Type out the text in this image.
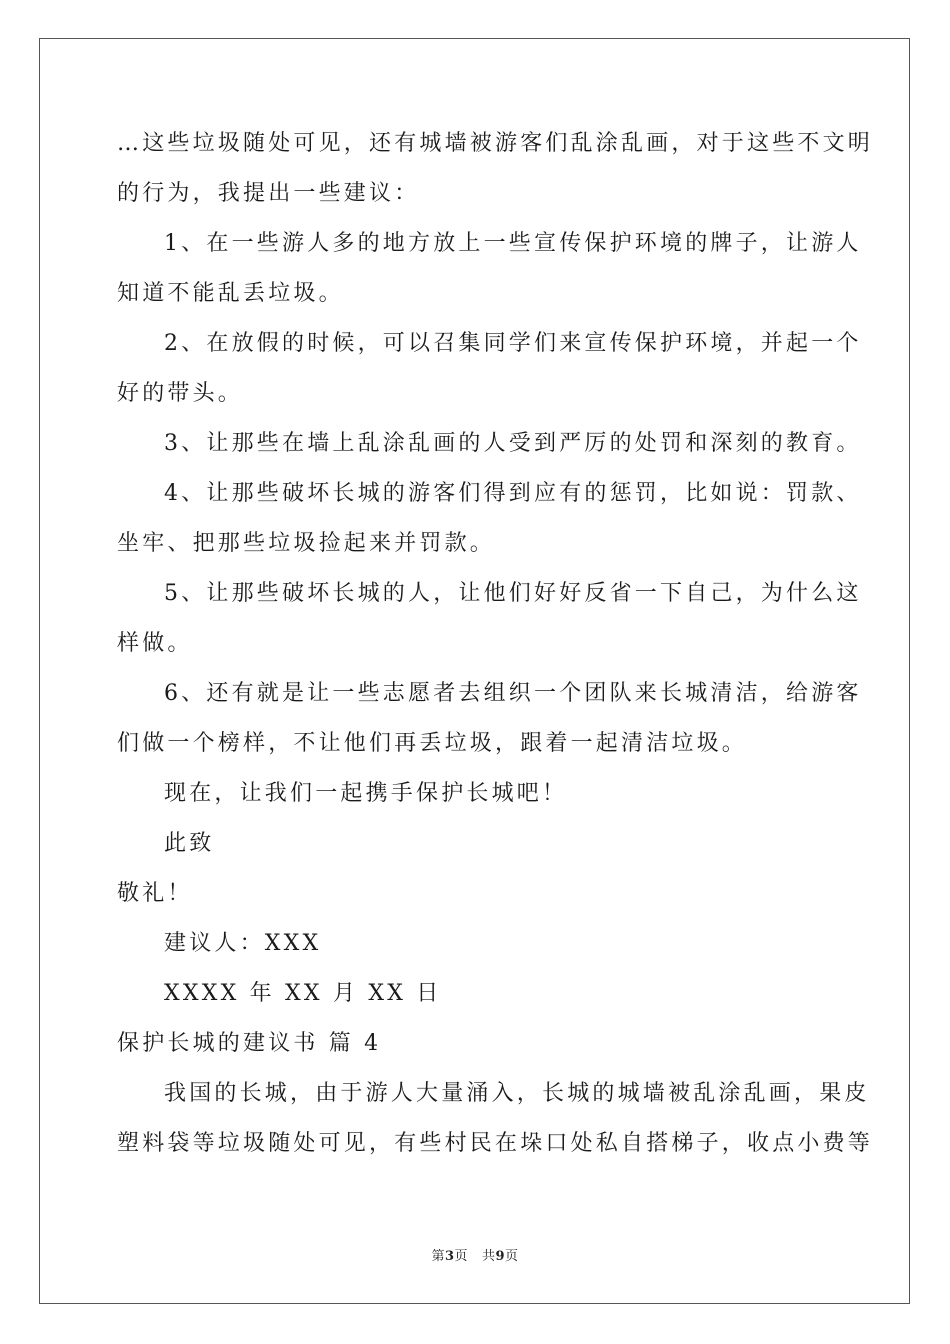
…这些垃圾随处可见，还有城墙被游客们乱涂乱画，对于这些不文明
的行为，我提出一些建议：
1、在一些游人多的地方放上一些宣传保护环境的牌子，让游人
知道不能乱丢垃圾。
2、在放假的时候，可以召集同学们来宣传保护环境，并起一个
好的带头。
3、让那些在墙上乱涂乱画的人受到严厉的处罚和深刻的教育。
4、让那些破坏长城的游客们得到应有的惩罚，比如说：罚款、
坐牢、把那些垃圾捡起来并罚款。
5、让那些破坏长城的人，让他们好好反省一下自己，为什么这
样做。
6、还有就是让一些志愿者去组织一个团队来长城清洁，给游客
们做一个榜样，不让他们再丢垃圾，跟着一起清洁垃圾。
现在，让我们一起携手保护长城吧！
此致
敬礼！
建议人：XXX
XXXX 年 XX 月 XX 日
保护长城的建议书 篇 4
我国的长城，由于游人大量涌入，长城的城墙被乱涂乱画，果皮
塑料袋等垃圾随处可见，有些村民在垛口处私自搭梯子，收点小费等
第3页   共9页
